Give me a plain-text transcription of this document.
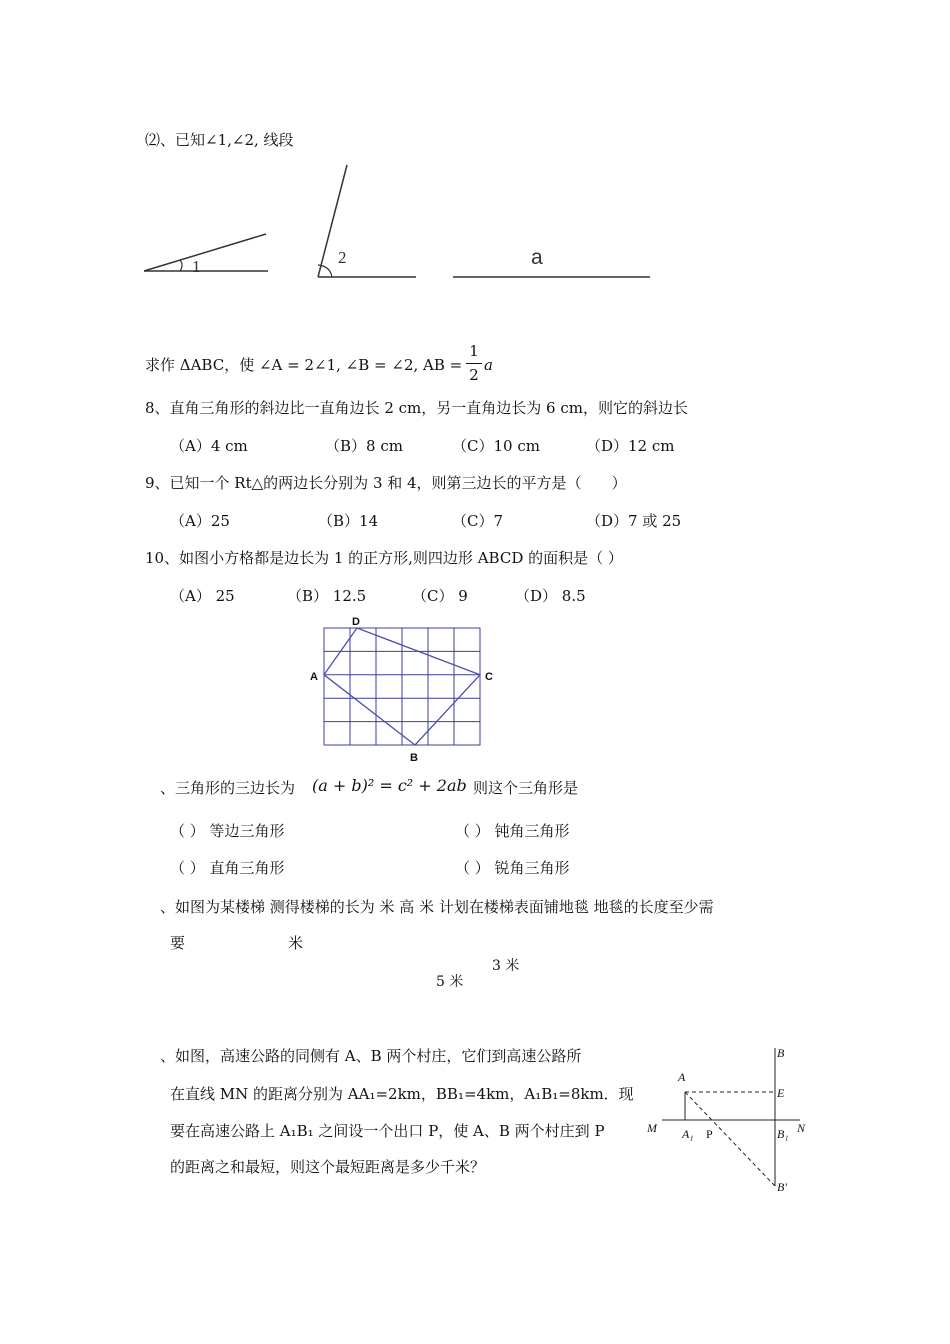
⑵、已知∠1,∠2, 线段
1	2	a
求作 ΔABC，使 ∠A = 2∠1, ∠B = ∠2, AB =
1
2
a
8、直角三角形的斜边比一直角边长 2 cm，另一直角边长为 6 cm，则它的斜边长
（A）4 cm	（B）8 cm	（C）10 cm	（D）12 cm
9、已知一个 Rt△的两边长分别为 3 和 4，则第三边长的平方是（　　）
（A）25	（B）14	（C）7	（D）7 或 25
10、如图小方格都是边长为 1 的正方形,则四边形 ABCD 的面积是（ ）
（A） 25	（B） 12.5	（C） 9	（D） 8.5
D
A	C
B
、三角形的三边长为 (a + b)² = c² + 2ab 则这个三角形是
（ ） 等边三角形	（ ） 钝角三角形
（ ） 直角三角形	（ ） 锐角三角形
、如图为某楼梯 测得楼梯的长为 米 高 米 计划在楼梯表面铺地毯 地毯的长度至少需
要	米
3 米
5 米
、如图，高速公路的同侧有 A、B 两个村庄，它们到高速公路所
在直线 MN 的距离分别为 AA₁=2km，BB₁=4km，A₁B₁=8km．现
要在高速公路上 A₁B₁ 之间设一个出口 P，使 A、B 两个村庄到 P
的距离之和最短，则这个最短距离是多少千米？
B
A
E
M A₁ P	B₁ N
B′
